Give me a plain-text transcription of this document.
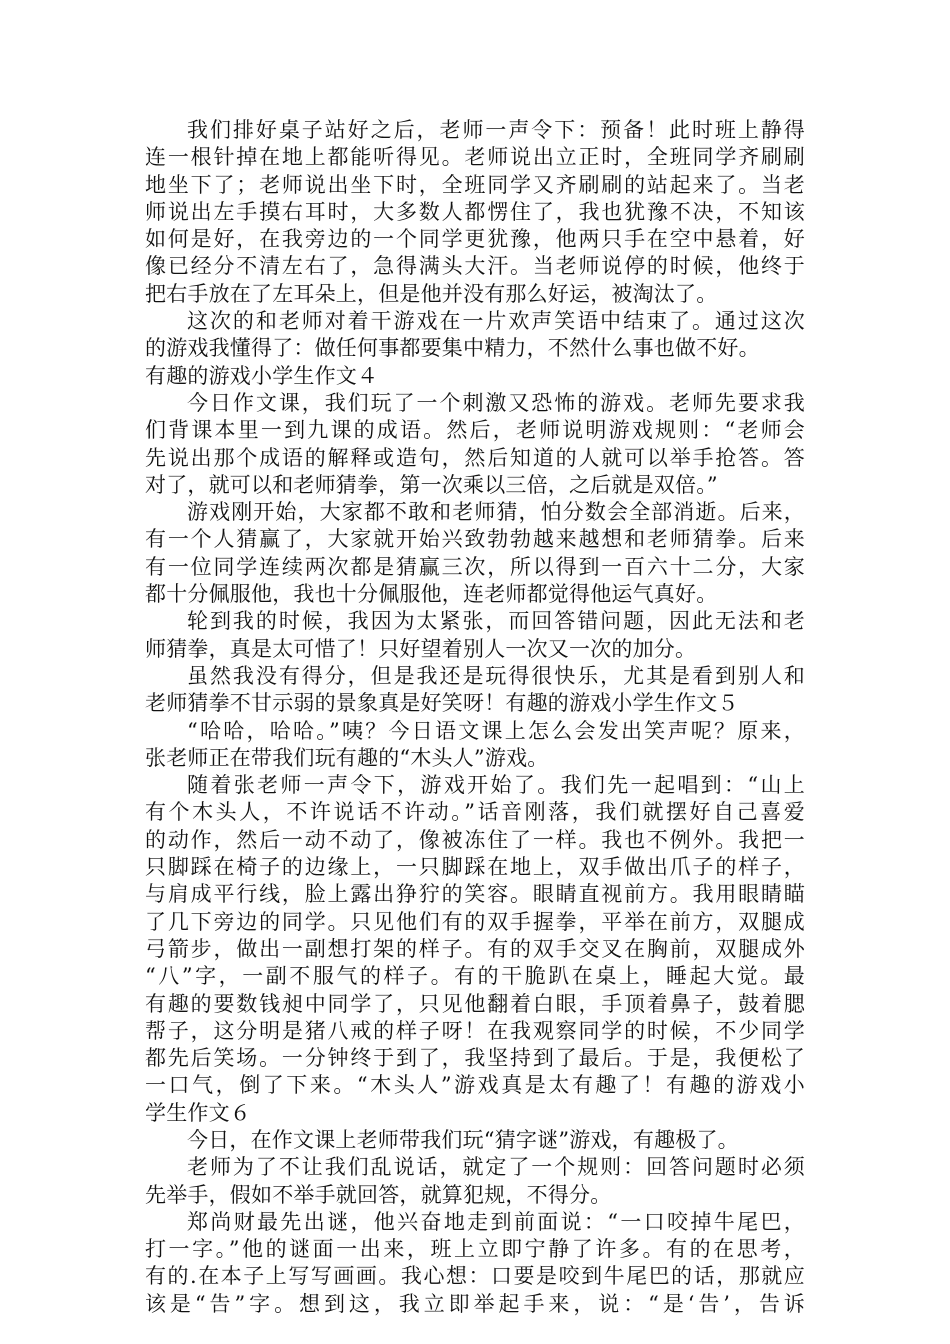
我们排好桌子站好之后，老师一声令下：预备！此时班上静得
连一根针掉在地上都能听得见。老师说出立正时，全班同学齐刷刷
地坐下了；老师说出坐下时，全班同学又齐刷刷的站起来了。当老
师说出左手摸右耳时，大多数人都愣住了，我也犹豫不决，不知该
如何是好，在我旁边的一个同学更犹豫，他两只手在空中悬着，好
像已经分不清左右了，急得满头大汗。当老师说停的时候，他终于
把右手放在了左耳朵上，但是他并没有那么好运，被淘汰了。
这次的和老师对着干游戏在一片欢声笑语中结束了。通过这次
的游戏我懂得了：做任何事都要集中精力，不然什么事也做不好。
有趣的游戏小学生作文４
今日作文课，我们玩了一个刺激又恐怖的游戏。老师先要求我
们背课本里一到九课的成语。然后，老师说明游戏规则：“老师会
先说出那个成语的解释或造句，然后知道的人就可以举手抢答。答
对了，就可以和老师猜拳，第一次乘以三倍，之后就是双倍。”
游戏刚开始，大家都不敢和老师猜，怕分数会全部消逝。后来，
有一个人猜赢了，大家就开始兴致勃勃越来越想和老师猜拳。后来
有一位同学连续两次都是猜赢三次，所以得到一百六十二分，大家
都十分佩服他，我也十分佩服他，连老师都觉得他运气真好。
轮到我的时候，我因为太紧张，而回答错问题，因此无法和老
师猜拳，真是太可惜了！只好望着别人一次又一次的加分。
虽然我没有得分，但是我还是玩得很快乐，尤其是看到别人和
老师猜拳不甘示弱的景象真是好笑呀！有趣的游戏小学生作文５
“哈哈，哈哈。”咦？今日语文课上怎么会发出笑声呢？原来，
张老师正在带我们玩有趣的“木头人”游戏。
随着张老师一声令下，游戏开始了。我们先一起唱到：“山上
有个木头人，不许说话不许动。”话音刚落，我们就摆好自己喜爱
的动作，然后一动不动了，像被冻住了一样。我也不例外。我把一
只脚踩在椅子的边缘上，一只脚踩在地上，双手做出爪子的样子，
与肩成平行线，脸上露出狰狞的笑容。眼睛直视前方。我用眼睛瞄
了几下旁边的同学。只见他们有的双手握拳，平举在前方，双腿成
弓箭步，做出一副想打架的样子。有的双手交叉在胸前，双腿成外
“八”字，一副不服气的样子。有的干脆趴在桌上，睡起大觉。最
有趣的要数钱昶中同学了，只见他翻着白眼，手顶着鼻子，鼓着腮
帮子，这分明是猪八戒的样子呀！在我观察同学的时候，不少同学
都先后笑场。一分钟终于到了，我坚持到了最后。于是，我便松了
一口气，倒了下来。“木头人”游戏真是太有趣了！有趣的游戏小
学生作文６
今日，在作文课上老师带我们玩“猜字谜”游戏，有趣极了。
老师为了不让我们乱说话，就定了一个规则：回答问题时必须
先举手，假如不举手就回答，就算犯规，不得分。
郑尚财最先出谜，他兴奋地走到前面说：“一口咬掉牛尾巴，
打一字。”他的谜面一出来，班上立即宁静了许多。有的在思考，
有的.在本子上写写画画。我心想：口要是咬到牛尾巴的话，那就应
该是“告”字。想到这，我立即举起手来，说：“是‘告’，告诉
